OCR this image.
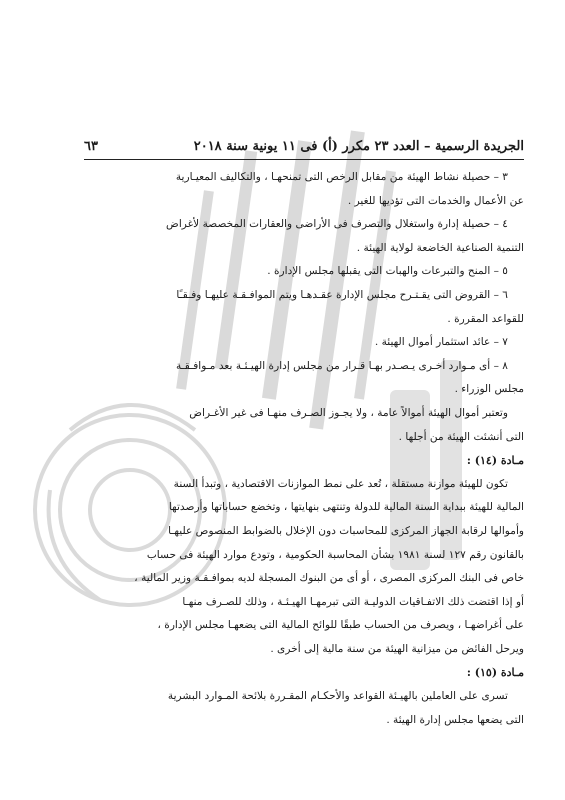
الجريدة الرسمية – العدد ٢٣ مكرر (أ) فى ١١ يونية سنة ٢٠١٨
٦٣

٣ – حصيلة نشاط الهيئة من مقابل الرخص التى تمنحهـا ، والتكاليف المعيـارية

عن الأعمال والخدمات التى تؤديها للغير .

٤ – حصيلة إدارة واستغلال والتصرف فى الأراضى والعقارات المخصصة لأغراض

التنمية الصناعية الخاضعة لولاية الهيئة .

٥ – المنح والتبرعات والهبات التى يقبلها مجلس الإدارة .

٦ – القروض التى يقـتـرح مجلس الإدارة عقـدهـا ويتم الموافـقـة عليهـا وفـقـًا

للقواعد المقررة .

٧ – عائد استثمار أموال الهيئة .

٨ – أى مـوارد أخـرى يـصـدر بهـا قـرار من مجلس إدارة الهيـئـة بعد مـوافـقـة

مجلس الوزراء .

وتعتبر أموال الهيئة أموالاً عامة ، ولا يجـوز الصـرف منهـا فى غير الأغـراض

التى أنشئت الهيئة من أجلها .

مـادة (١٤) :

تكون للهيئة موازنة مستقلة ، تُعد على نمط الموازنات الاقتصادية ، وتبدأ السنة

المالية للهيئة ببداية السنة المالية للدولة وتنتهى بنهايتها ، وتخضع حساباتها وأرصدتها

وأموالها لرقابة الجهاز المركزى للمحاسبات دون الإخلال بالضوابط المنصوص عليهـا

بالقانون رقم ١٢٧ لسنة ١٩٨١ بشأن المحاسبة الحكومية ، وتودع موارد الهيئة فى حساب

خاص فى البنك المركزى المصرى ، أو أى من البنوك المسجلة لديه بموافـقـة وزير المالية ،

أو إذا اقتضت ذلك الاتفـاقيات الدوليـة التى تبرمهـا الهيـئـة ، وذلك للصـرف منهـا

على أغراضهـا ، ويصرف من الحساب طبقًا للوائح المالية التى يضعهـا مجلس الإدارة ،

ويرحل الفائض من ميزانية الهيئة من سنة مالية إلى أخرى .

مـادة (١٥) :

تسرى على العاملين بالهيـئة القواعد والأحكـام المقـررة بلائحة المـوارد البشرية

التى يضعها مجلس إدارة الهيئة .
